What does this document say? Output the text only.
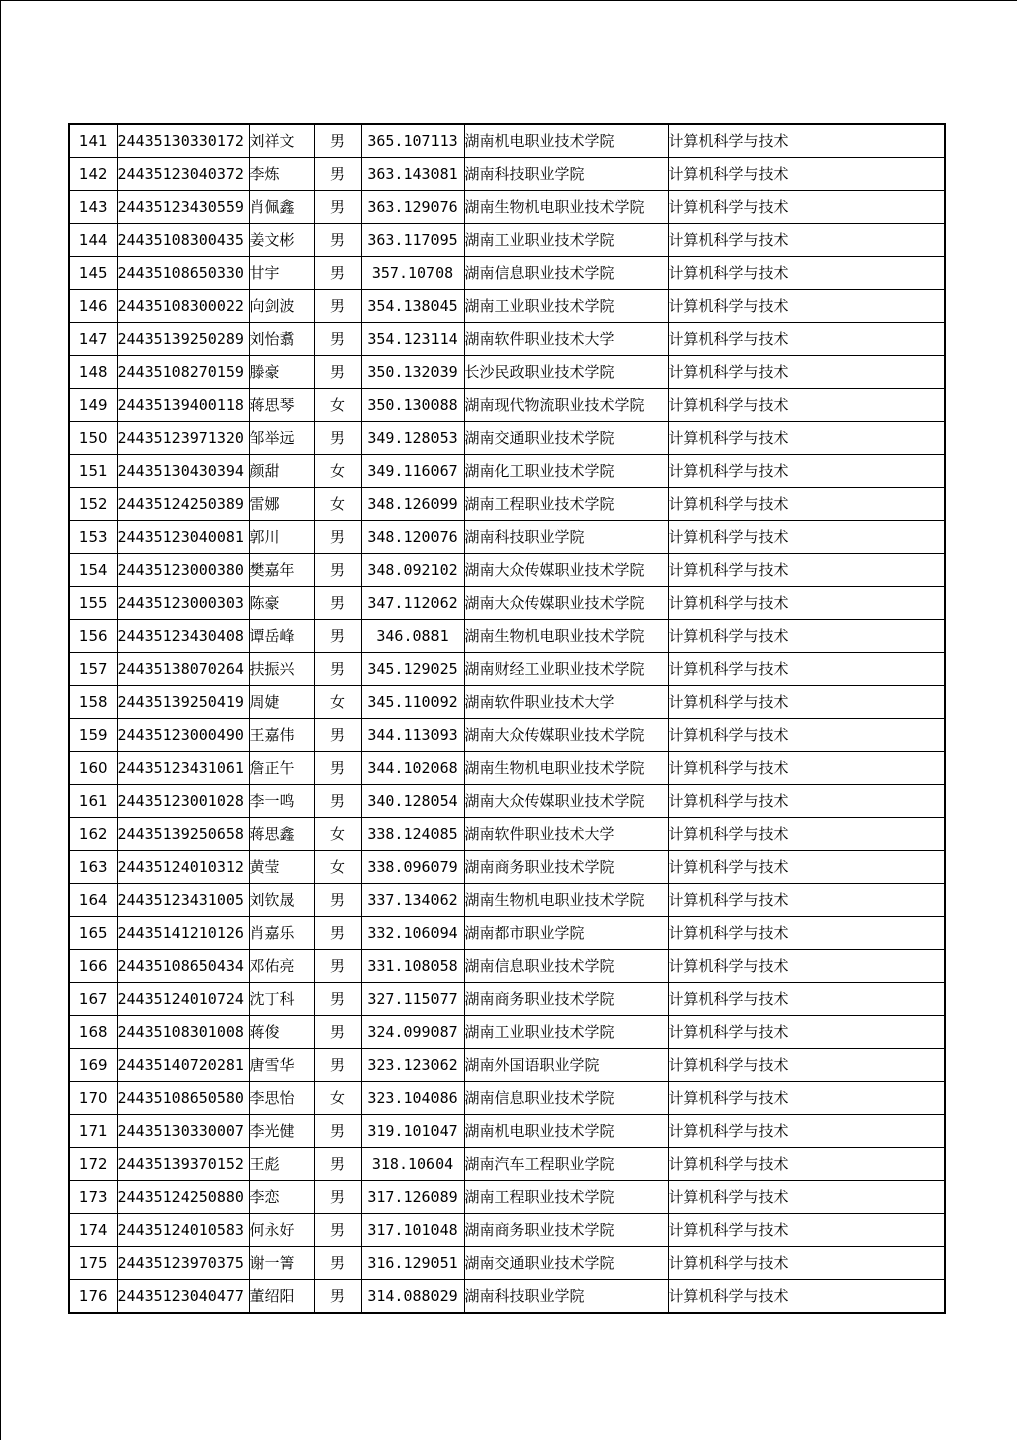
141	24435130330172	刘祥文	男	365.107113	湖南机电职业技术学院	计算机科学与技术
142	24435123040372	李炼	男	363.143081	湖南科技职业学院	计算机科学与技术
143	24435123430559	肖佩鑫	男	363.129076	湖南生物机电职业技术学院	计算机科学与技术
144	24435108300435	姜文彬	男	363.117095	湖南工业职业技术学院	计算机科学与技术
145	24435108650330	甘宇	男	357.10708	湖南信息职业技术学院	计算机科学与技术
146	24435108300022	向剑波	男	354.138045	湖南工业职业技术学院	计算机科学与技术
147	24435139250289	刘怡翥	男	354.123114	湖南软件职业技术大学	计算机科学与技术
148	24435108270159	滕豪	男	350.132039	长沙民政职业技术学院	计算机科学与技术
149	24435139400118	蒋思琴	女	350.130088	湖南现代物流职业技术学院	计算机科学与技术
150	24435123971320	邹举远	男	349.128053	湖南交通职业技术学院	计算机科学与技术
151	24435130430394	颜甜	女	349.116067	湖南化工职业技术学院	计算机科学与技术
152	24435124250389	雷娜	女	348.126099	湖南工程职业技术学院	计算机科学与技术
153	24435123040081	郭川	男	348.120076	湖南科技职业学院	计算机科学与技术
154	24435123000380	樊嘉年	男	348.092102	湖南大众传媒职业技术学院	计算机科学与技术
155	24435123000303	陈豪	男	347.112062	湖南大众传媒职业技术学院	计算机科学与技术
156	24435123430408	谭岳峰	男	346.0881	湖南生物机电职业技术学院	计算机科学与技术
157	24435138070264	扶振兴	男	345.129025	湖南财经工业职业技术学院	计算机科学与技术
158	24435139250419	周婕	女	345.110092	湖南软件职业技术大学	计算机科学与技术
159	24435123000490	王嘉伟	男	344.113093	湖南大众传媒职业技术学院	计算机科学与技术
160	24435123431061	詹正午	男	344.102068	湖南生物机电职业技术学院	计算机科学与技术
161	24435123001028	李一鸣	男	340.128054	湖南大众传媒职业技术学院	计算机科学与技术
162	24435139250658	蒋思鑫	女	338.124085	湖南软件职业技术大学	计算机科学与技术
163	24435124010312	黄莹	女	338.096079	湖南商务职业技术学院	计算机科学与技术
164	24435123431005	刘钦晟	男	337.134062	湖南生物机电职业技术学院	计算机科学与技术
165	24435141210126	肖嘉乐	男	332.106094	湖南都市职业学院	计算机科学与技术
166	24435108650434	邓佑亮	男	331.108058	湖南信息职业技术学院	计算机科学与技术
167	24435124010724	沈丁科	男	327.115077	湖南商务职业技术学院	计算机科学与技术
168	24435108301008	蒋俊	男	324.099087	湖南工业职业技术学院	计算机科学与技术
169	24435140720281	唐雪华	男	323.123062	湖南外国语职业学院	计算机科学与技术
170	24435108650580	李思怡	女	323.104086	湖南信息职业技术学院	计算机科学与技术
171	24435130330007	李光健	男	319.101047	湖南机电职业技术学院	计算机科学与技术
172	24435139370152	王彪	男	318.10604	湖南汽车工程职业学院	计算机科学与技术
173	24435124250880	李恋	男	317.126089	湖南工程职业技术学院	计算机科学与技术
174	24435124010583	何永好	男	317.101048	湖南商务职业技术学院	计算机科学与技术
175	24435123970375	谢一箐	男	316.129051	湖南交通职业技术学院	计算机科学与技术
176	24435123040477	董绍阳	男	314.088029	湖南科技职业学院	计算机科学与技术
